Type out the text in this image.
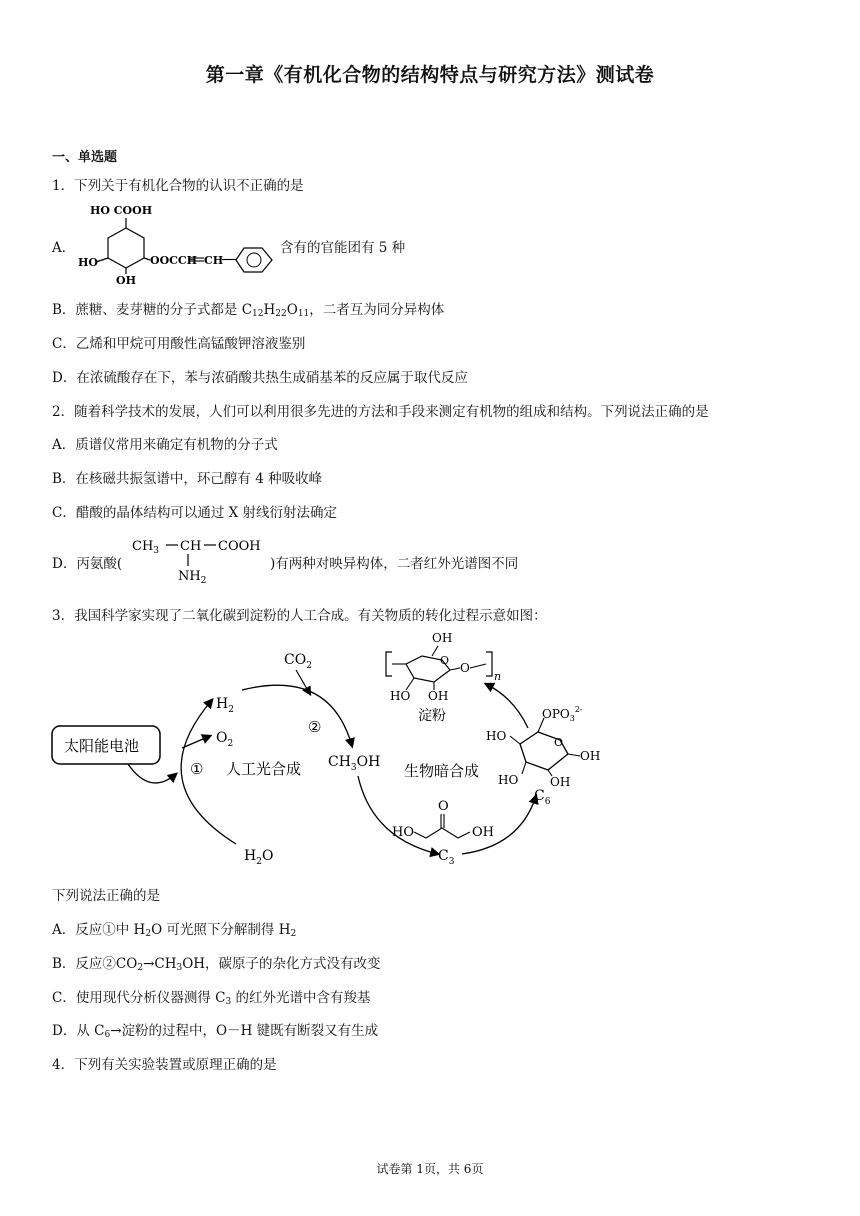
第一章《有机化合物的结构特点与研究方法》测试卷
一、单选题
1．下列关于有机化合物的认识不正确的是
A．
HO COOH
HO
OH
OOCCH CH
含有的官能团有 5 种
B．蔗糖、麦芽糖的分子式都是 $C_{12}H_{22}O_{11}$，二者互为同分异构体
C．乙烯和甲烷可用酸性高锰酸钾溶液鉴别
D．在浓硫酸存在下，苯与浓硝酸共热生成硝基苯的反应属于取代反应
2．随着科学技术的发展，人们可以利用很多先进的方法和手段来测定有机物的组成和结构。下列说法正确的是
A．质谱仪常用来确定有机物的分子式
B．在核磁共振氢谱中，环己醇有 4 种吸收峰
C．醋酸的晶体结构可以通过 X 射线衍射法确定
D．丙氨酸(
$CH_3$ CH COOH
$NH_2$
)有两种对映异构体，二者红外光谱图不同
3．我国科学家实现了二氧化碳到淀粉的人工合成。有关物质的转化过程示意如图：
太阳能电池
$H_2$
$O_2$
① 人工光合成
$H_2O$
$CO_2$
②
$CH_3OH$ 生物暗合成
O
HO	OH
$C_3$
O
$OPO_3^{2-}$
HO
HO
OH
OH
$C_6$
OH
n
O
O
HO OH
淀粉
下列说法正确的是
A．反应①中 $H_2O$ 可光照下分解制得 $H_2$
B．反应$②CO_2\to CH_3OH$，碳原子的杂化方式没有改变
C．使用现代分析仪器测得 $C_3$ 的红外光谱中含有羧基
D．从 $C_6\to$淀粉的过程中，O－H 键既有断裂又有生成
4．下列有关实验装置或原理正确的是
试卷第 1页，共 6页
